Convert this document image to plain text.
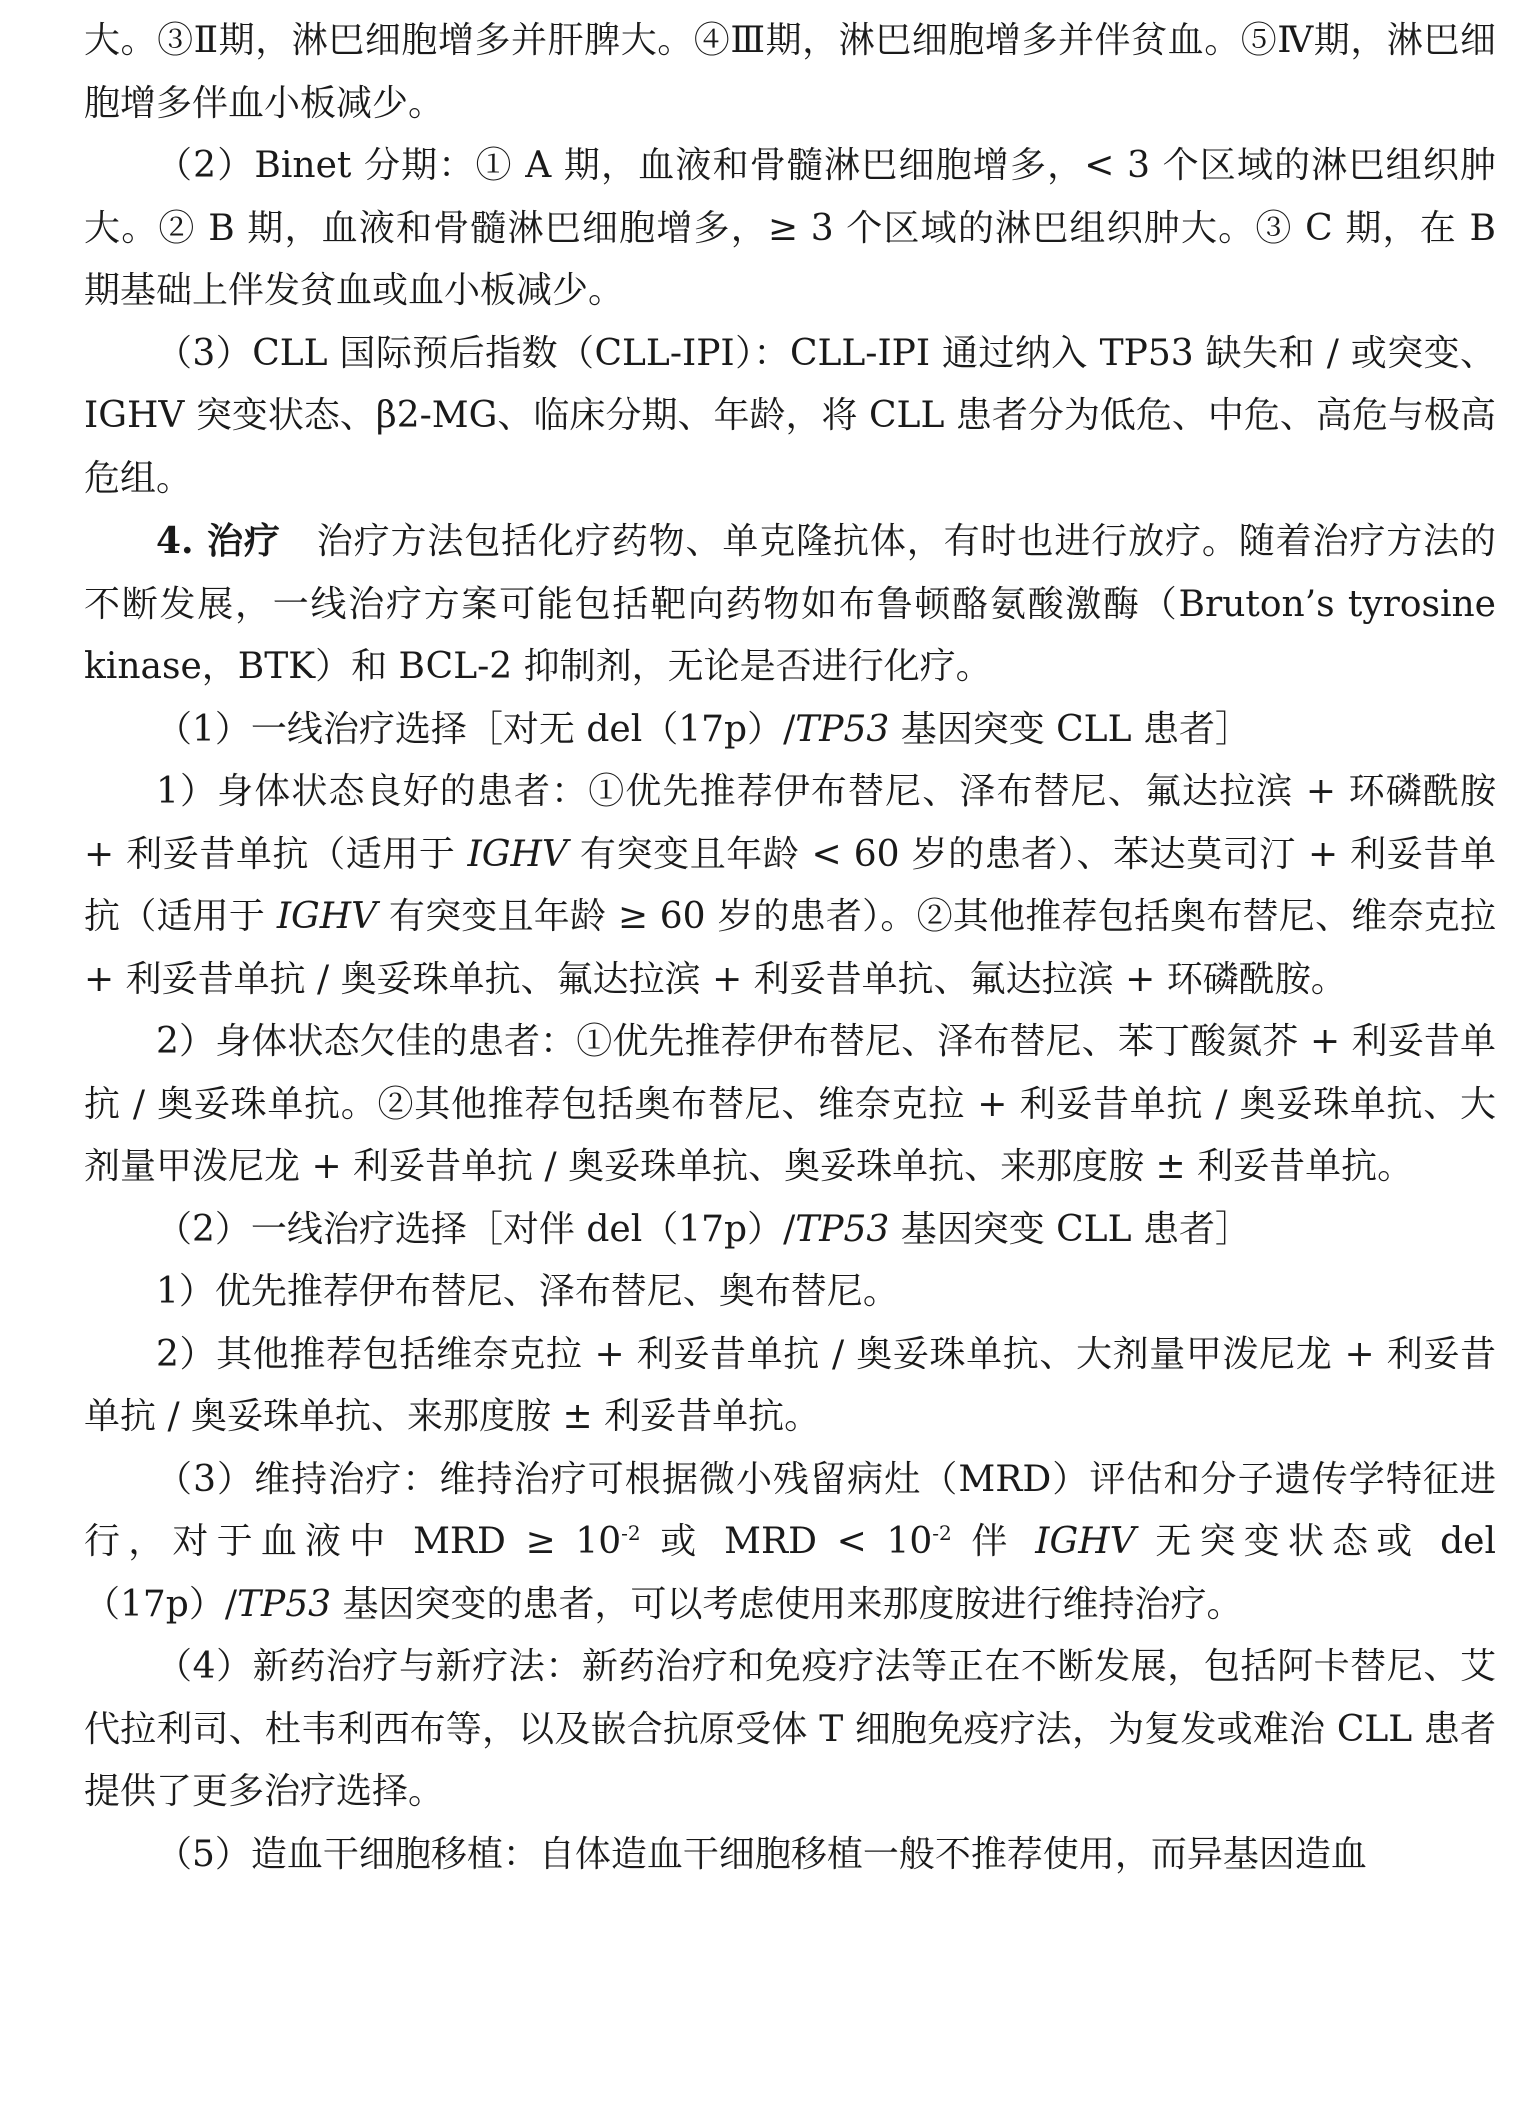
大。③Ⅱ期，淋巴细胞增多并肝脾大。④Ⅲ期，淋巴细胞增多并伴贫血。⑤Ⅳ期，淋巴细胞增多伴血小板减少。

（2）Binet 分期：① A 期，血液和骨髓淋巴细胞增多，< 3 个区域的淋巴组织肿大。② B 期，血液和骨髓淋巴细胞增多，≥ 3 个区域的淋巴组织肿大。③ C 期，在 B 期基础上伴发贫血或血小板减少。

（3）CLL 国际预后指数（CLL-IPI）：CLL-IPI 通过纳入 TP53 缺失和 / 或突变、IGHV 突变状态、β2-MG、临床分期、年龄，将 CLL 患者分为低危、中危、高危与极高危组。

4. 治疗 治疗方法包括化疗药物、单克隆抗体，有时也进行放疗。随着治疗方法的不断发展，一线治疗方案可能包括靶向药物如布鲁顿酪氨酸激酶（Bruton’s tyrosine kinase，BTK）和 BCL-2 抑制剂，无论是否进行化疗。

（1）一线治疗选择［对无 del（17p）/TP53 基因突变 CLL 患者］

1）身体状态良好的患者：①优先推荐伊布替尼、泽布替尼、氟达拉滨 + 环磷酰胺 + 利妥昔单抗（适用于 IGHV 有突变且年龄 < 60 岁的患者）、苯达莫司汀 + 利妥昔单抗（适用于 IGHV 有突变且年龄 ≥ 60 岁的患者）。②其他推荐包括奥布替尼、维奈克拉 + 利妥昔单抗 / 奥妥珠单抗、氟达拉滨 + 利妥昔单抗、氟达拉滨 + 环磷酰胺。

2）身体状态欠佳的患者：①优先推荐伊布替尼、泽布替尼、苯丁酸氮芥 + 利妥昔单抗 / 奥妥珠单抗。②其他推荐包括奥布替尼、维奈克拉 + 利妥昔单抗 / 奥妥珠单抗、大剂量甲泼尼龙 + 利妥昔单抗 / 奥妥珠单抗、奥妥珠单抗、来那度胺 ± 利妥昔单抗。

（2）一线治疗选择［对伴 del（17p）/TP53 基因突变 CLL 患者］

1）优先推荐伊布替尼、泽布替尼、奥布替尼。

2）其他推荐包括维奈克拉 + 利妥昔单抗 / 奥妥珠单抗、大剂量甲泼尼龙 + 利妥昔单抗 / 奥妥珠单抗、来那度胺 ± 利妥昔单抗。

（3）维持治疗：维持治疗可根据微小残留病灶（MRD）评估和分子遗传学特征进行，对于血液中 MRD ≥ $10^{-2}$ 或 MRD < $10^{-2}$ 伴 IGHV 无突变状态或 del（17p）/TP53 基因突变的患者，可以考虑使用来那度胺进行维持治疗。

（4）新药治疗与新疗法：新药治疗和免疫疗法等正在不断发展，包括阿卡替尼、艾代拉利司、杜韦利西布等，以及嵌合抗原受体 T 细胞免疫疗法，为复发或难治 CLL 患者提供了更多治疗选择。

（5）造血干细胞移植：自体造血干细胞移植一般不推荐使用，而异基因造血
